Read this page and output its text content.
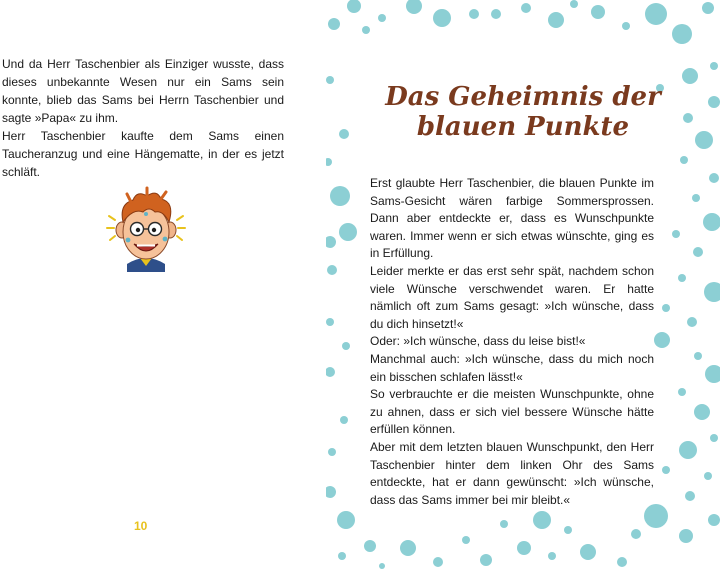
Und da Herr Taschenbier als Einziger wusste, dass dieses unbekannte Wesen nur ein Sams sein konnte, blieb das Sams bei Herrn Taschenbier und sagte »Papa« zu ihm.

Herr Taschenbier kaufte dem Sams einen Taucheranzug und eine Hängematte, in der es jetzt schläft.

10
Das Geheimnis der blauen Punkte

Erst glaubte Herr Taschenbier, die blauen Punkte im Sams-Gesicht wären farbige Sommersprossen. Dann aber entdeckte er, dass es Wunschpunkte waren. Immer wenn er sich etwas wünschte, ging es in Erfüllung.

Leider merkte er das erst sehr spät, nachdem schon viele Wünsche verschwendet waren. Er hatte nämlich oft zum Sams gesagt: »Ich wünsche, dass du dich hinsetzt!«

Oder: »Ich wünsche, dass du leise bist!«

Manchmal auch: »Ich wünsche, dass du mich noch ein bisschen schlafen lässt!«

So verbrauchte er die meisten Wunschpunkte, ohne zu ahnen, dass er sich viel bessere Wünsche hätte erfüllen können.

Aber mit dem letzten blauen Wunschpunkt, den Herr Taschenbier hinter dem linken Ohr des Sams entdeckte, hat er dann gewünscht: »Ich wünsche, dass das Sams immer bei mir bleibt.«
